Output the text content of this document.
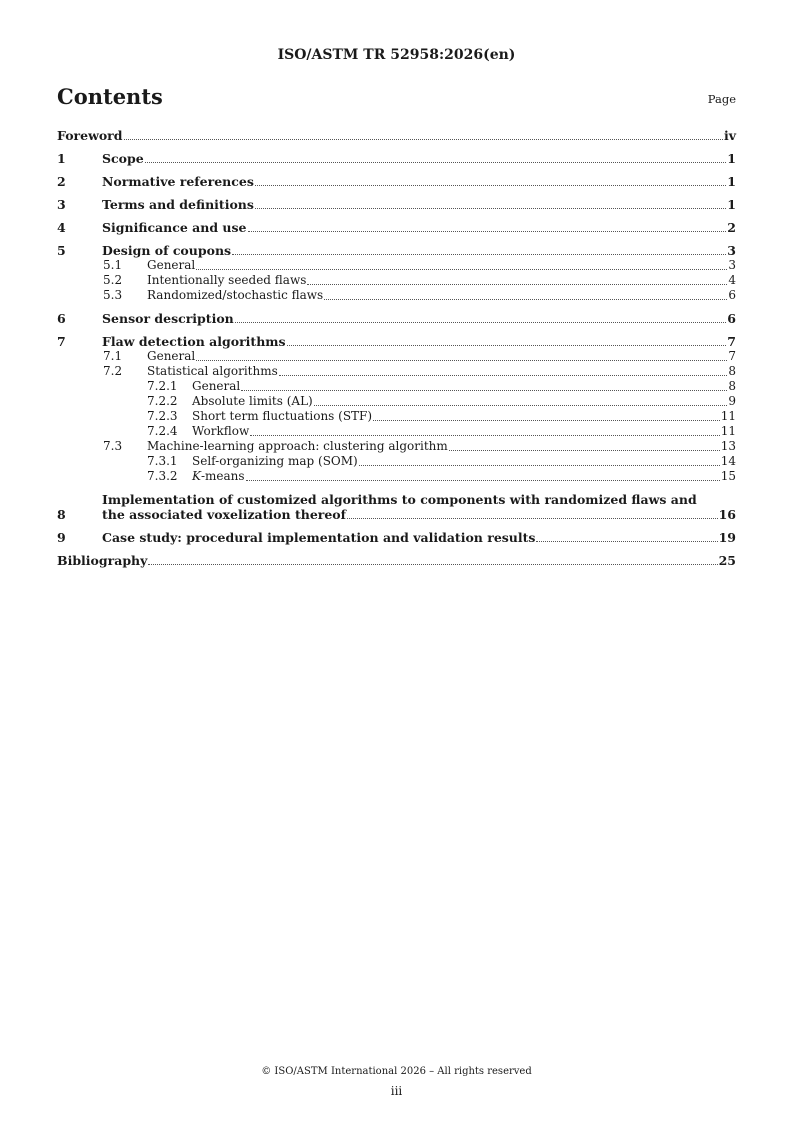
ISO/ASTM TR 52958:2026(en)
Contents	Page
Foreword	iv
1	Scope	1
2	Normative references	1
3	Terms and definitions	1
4	Significance and use	2
5	Design of coupons	3
5.1 General	3
5.2 Intentionally seeded flaws	4
5.3 Randomized/stochastic flaws	6
6	Sensor description	6
7	Flaw detection algorithms	7
7.1 General	7
7.2 Statistical algorithms	8
7.2.1 General	8
7.2.2 Absolute limits (AL)	9
7.2.3 Short term fluctuations (STF)	11
7.2.4 Workflow	11
7.3 Machine-learning approach: clustering algorithm	13
7.3.1 Self-organizing map (SOM)	14
7.3.2 K-means	15
8
Implementation of customized algorithms to components with randomized flaws and
the associated voxelization thereof	16
9	Case study: procedural implementation and validation results	19
Bibliography	25
© ISO/ASTM International 2026 – All rights reserved
iii
